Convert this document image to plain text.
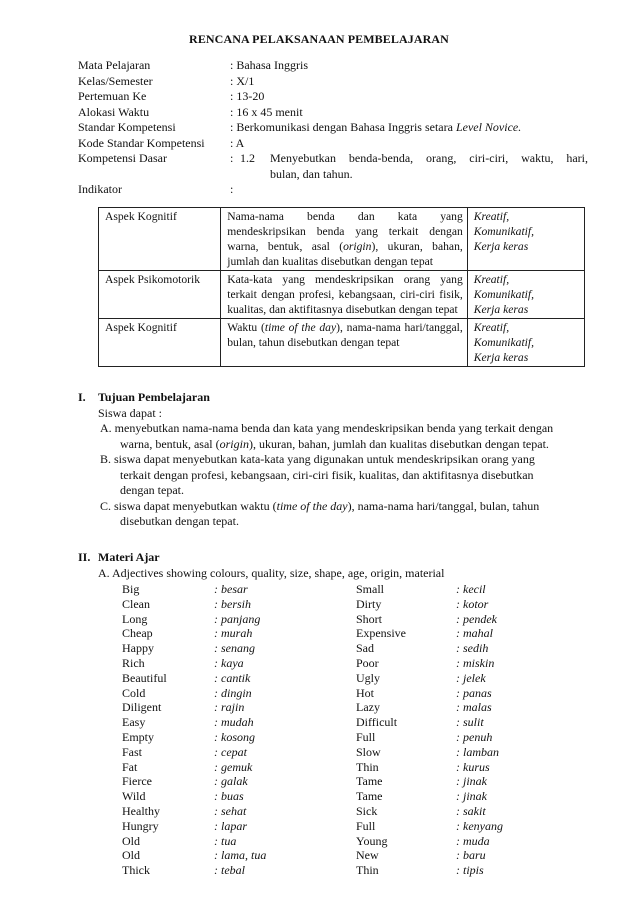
RENCANA PELAKSANAAN PEMBELAJARAN
Mata Pelajaran	: Bahasa Inggris
Kelas/Semester	: X/1
Pertemuan Ke	: 13-20
Alokasi Waktu	: 16 x 45 menit
Standar Kompetensi	: Berkomunikasi dengan Bahasa Inggris setara Level Novice.
Kode Standar Kompetensi	: A
Kompetensi Dasar	: 1.2	Menyebutkan benda-benda, orang, ciri-ciri, waktu, hari,
bulan, dan tahun.
Indikator	:
Aspek Kognitif	Nama-nama benda dan kata yang mendeskripsikan benda yang terkait dengan warna, bentuk, asal (origin), ukuran, bahan, jumlah dan kualitas disebutkan dengan tepat	Kreatif,
Komunikatif,
Kerja keras

Aspek Psikomotorik	Kata-kata yang mendeskripsikan orang yang terkait dengan profesi, kebangsaan, ciri-ciri fisik, kualitas, dan aktifitasnya disebutkan dengan tepat	Kreatif,
Komunikatif,
Kerja keras

Aspek Kognitif	Waktu (time of the day), nama-nama hari/tanggal, bulan, tahun disebutkan dengan tepat	Kreatif,
Komunikatif,
Kerja keras
I.	Tujuan Pembelajaran
Siswa dapat :
A. menyebutkan nama-nama benda dan kata yang mendeskripsikan benda yang terkait dengan warna, bentuk, asal (origin), ukuran, bahan, jumlah dan kualitas disebutkan dengan tepat.
B. siswa dapat menyebutkan kata-kata yang digunakan untuk mendeskripsikan orang yang terkait dengan profesi, kebangsaan, ciri-ciri fisik, kualitas, dan aktifitasnya disebutkan dengan tepat.
C. siswa dapat menyebutkan waktu (time of the day), nama-nama hari/tanggal, bulan, tahun disebutkan dengan tepat.
II. Materi Ajar
A. Adjectives showing colours, quality, size, shape, age, origin, material
Big	: besar	Small	: kecil
Clean	: bersih	Dirty	: kotor
Long	: panjang	Short	: pendek
Cheap	: murah	Expensive	: mahal
Happy	: senang	Sad	: sedih
Rich	: kaya	Poor	: miskin
Beautiful	: cantik	Ugly	: jelek
Cold	: dingin	Hot	: panas
Diligent	: rajin	Lazy	: malas
Easy	: mudah	Difficult	: sulit
Empty	: kosong	Full	: penuh
Fast	: cepat	Slow	: lamban
Fat	: gemuk	Thin	: kurus
Fierce	: galak	Tame	: jinak
Wild	: buas	Tame	: jinak
Healthy	: sehat	Sick	: sakit
Hungry	: lapar	Full	: kenyang
Old	: tua	Young	: muda
Old	: lama, tua	New	: baru
Thick	: tebal	Thin	: tipis
